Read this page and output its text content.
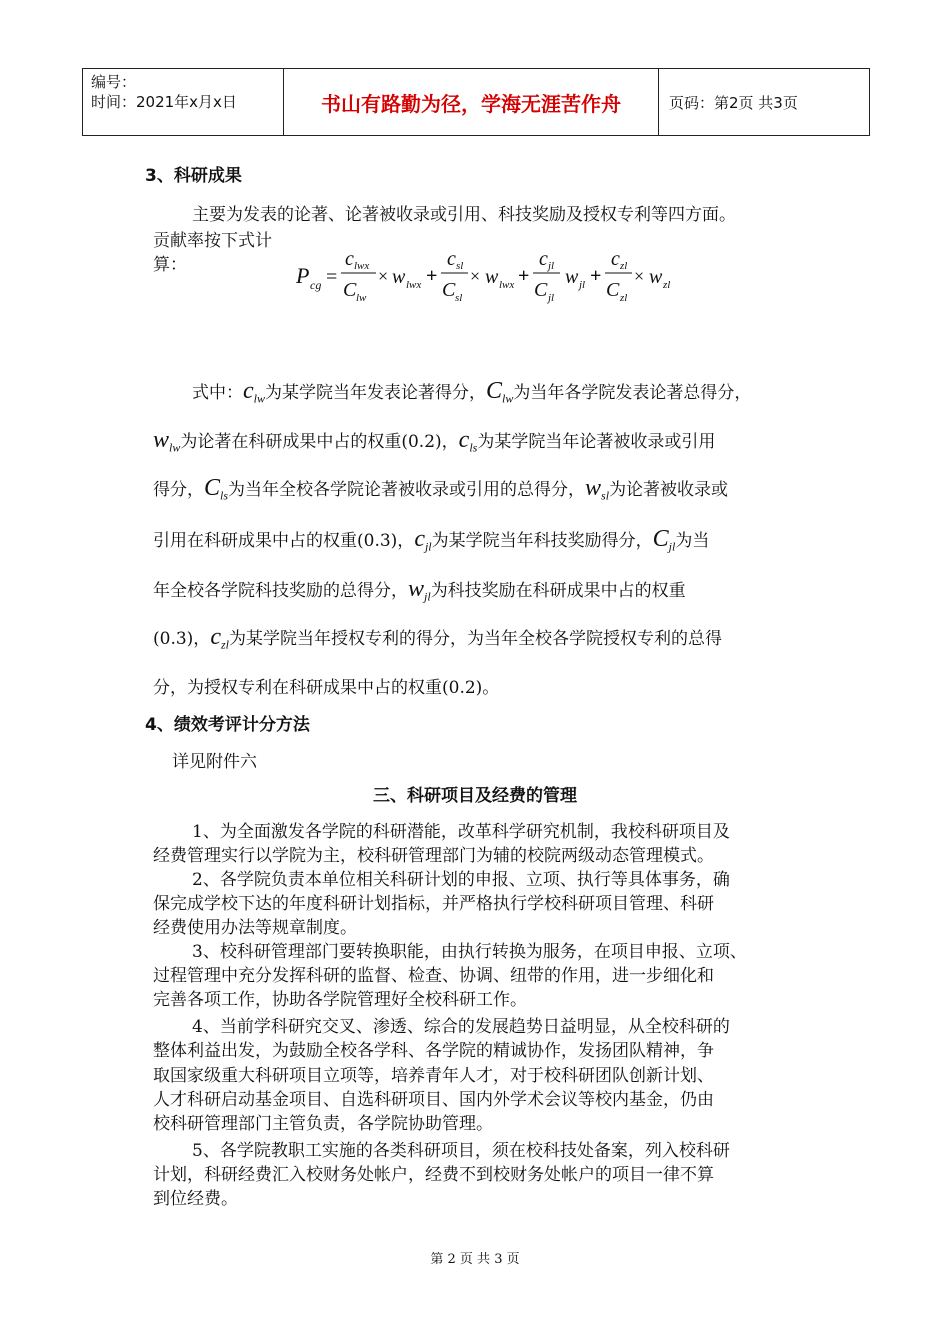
编号：
时间：2021年x月x日	书山有路勤为径，学海无涯苦作舟	页码：第2页 共3页
3、科研成果
主要为发表的论著、论著被收录或引用、科技奖励及授权专利等四方面。
贡献率按下式计
算：	P cg =
c lwx
C lw
× w lwx +
c sl
C sl
× w lwx +
c jl
C jl
w jl +
c zl
C zl
× w zl
式中：$c_{lw}$为某学院当年发表论著得分，$C_{lw}$为当年各学院发表论著总得分，
$w_{lw}$为论著在科研成果中占的权重(0.2)，$c_{ls}$为某学院当年论著被收录或引用
得分，$C_{ls}$为当年全校各学院论著被收录或引用的总得分，$w_{sl}$为论著被收录或
引用在科研成果中占的权重(0.3)，$c_{jl}$为某学院当年科技奖励得分，$C_{jl}$为当
年全校各学院科技奖励的总得分，$w_{jl}$为科技奖励在科研成果中占的权重
(0.3)，$c_{zl}$为某学院当年授权专利的得分，为当年全校各学院授权专利的总得
分，为授权专利在科研成果中占的权重(0.2)。
4、绩效考评计分方法
详见附件六
三、科研项目及经费的管理
1、为全面激发各学院的科研潜能，改革科学研究机制，我校科研项目及
经费管理实行以学院为主，校科研管理部门为辅的校院两级动态管理模式。
2、各学院负责本单位相关科研计划的申报、立项、执行等具体事务，确
保完成学校下达的年度科研计划指标，并严格执行学校科研项目管理、科研
经费使用办法等规章制度。
3、校科研管理部门要转换职能，由执行转换为服务，在项目申报、立项、
过程管理中充分发挥科研的监督、检查、协调、纽带的作用，进一步细化和
完善各项工作，协助各学院管理好全校科研工作。
4、当前学科研究交叉、渗透、综合的发展趋势日益明显，从全校科研的
整体利益出发，为鼓励全校各学科、各学院的精诚协作，发扬团队精神，争
取国家级重大科研项目立项等，培养青年人才，对于校科研团队创新计划、
人才科研启动基金项目、自选科研项目、国内外学术会议等校内基金，仍由
校科研管理部门主管负责，各学院协助管理。
5、各学院教职工实施的各类科研项目，须在校科技处备案，列入校科研
计划，科研经费汇入校财务处帐户，经费不到校财务处帐户的项目一律不算
到位经费。
第 2 页 共 3 页
